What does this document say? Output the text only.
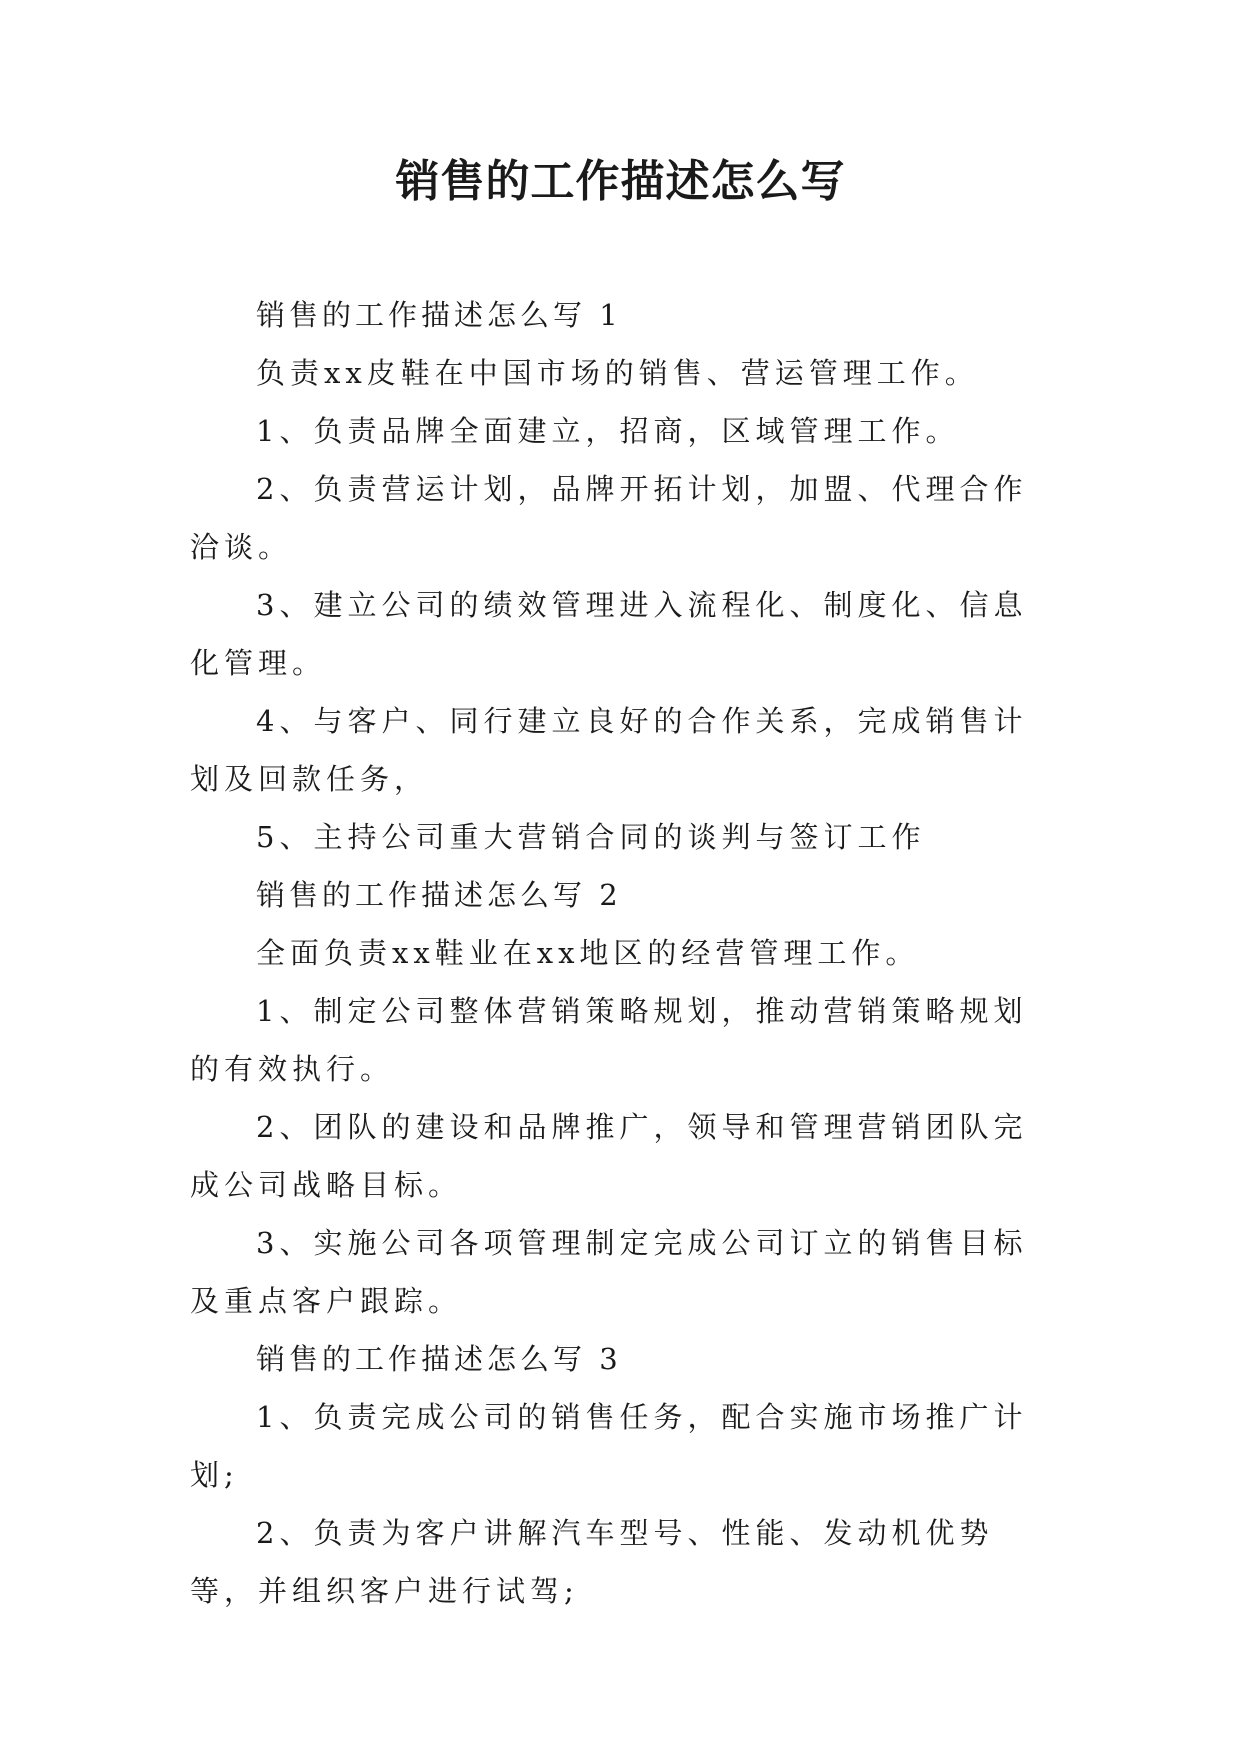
销售的工作描述怎么写

销售的工作描述怎么写 1

负责xx皮鞋在中国市场的销售、营运管理工作。

1、负责品牌全面建立，招商，区域管理工作。

2、负责营运计划，品牌开拓计划，加盟、代理合作洽谈。

3、建立公司的绩效管理进入流程化、制度化、信息化管理。

4、与客户、同行建立良好的合作关系，完成销售计划及回款任务，

5、主持公司重大营销合同的谈判与签订工作

销售的工作描述怎么写 2

全面负责xx鞋业在xx地区的经营管理工作。

1、制定公司整体营销策略规划，推动营销策略规划的有效执行。

2、团队的建设和品牌推广，领导和管理营销团队完成公司战略目标。

3、实施公司各项管理制定完成公司订立的销售目标及重点客户跟踪。

销售的工作描述怎么写 3

1、负责完成公司的销售任务，配合实施市场推广计划;

2、负责为客户讲解汽车型号、性能、发动机优势等，并组织客户进行试驾;
